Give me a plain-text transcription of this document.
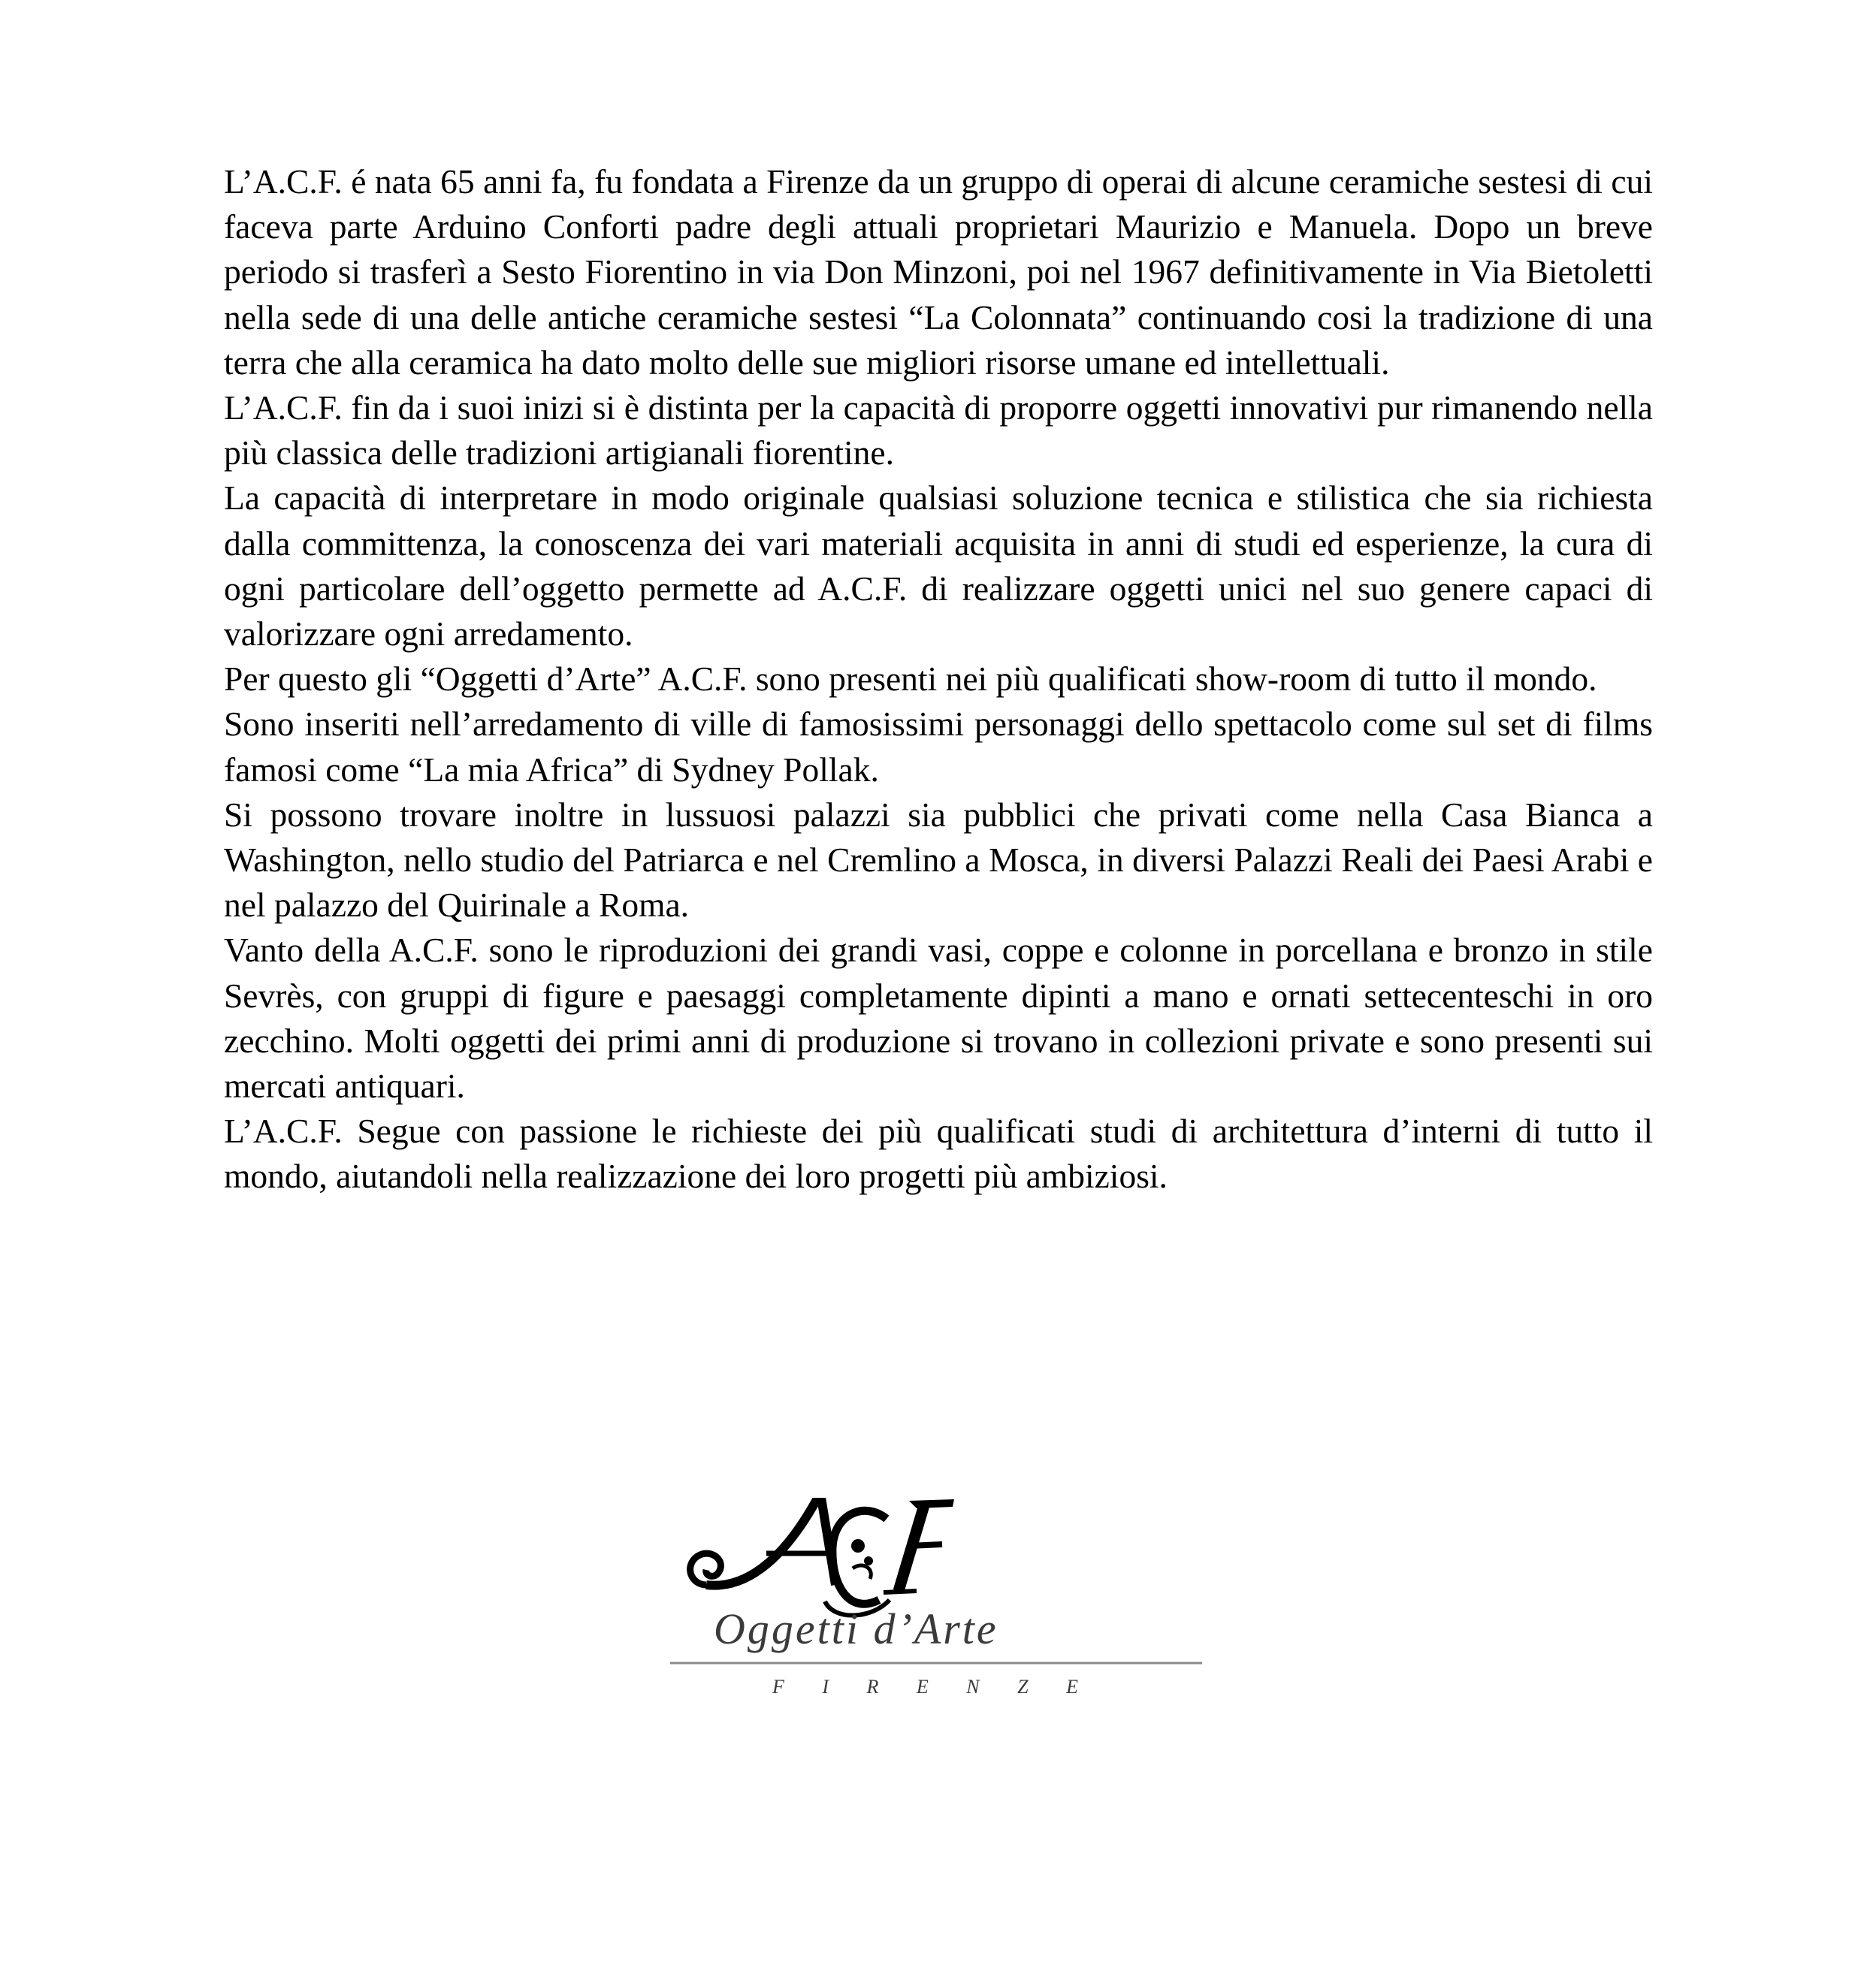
L’A.C.F. é nata 65 anni fa, fu fondata a Firenze da un gruppo di operai di alcune ceramiche sestesi di cui faceva parte Arduino Conforti padre degli attuali proprietari Maurizio e Manuela. Dopo un breve periodo si trasferì a Sesto Fiorentino in via Don Minzoni, poi nel 1967 definitivamente in Via Bietoletti nella sede di una delle antiche ceramiche sestesi “La Colonnata” continuando cosi la tradizione di una terra che alla ceramica ha dato molto delle sue migliori risorse umane ed intellettuali.

L’A.C.F. fin da i suoi inizi si è distinta per la capacità di proporre oggetti innovativi pur rimanendo nella più classica delle tradizioni artigianali fiorentine.

La capacità di interpretare in modo originale qualsiasi soluzione tecnica e stilistica che sia richiesta dalla committenza, la conoscenza dei vari materiali acquisita in anni di studi ed esperienze, la cura di ogni particolare dell’oggetto permette ad A.C.F. di realizzare oggetti unici nel suo genere capaci di valorizzare ogni arredamento.

Per questo gli “Oggetti d’Arte” A.C.F. sono presenti nei più qualificati show-room di tutto il mondo.

Sono inseriti nell’arredamento di ville di famosissimi personaggi dello spettacolo come sul set di films famosi come “La mia Africa” di Sydney Pollak.

Si possono trovare inoltre in lussuosi palazzi sia pubblici che privati come nella Casa Bianca a Washington, nello studio del Patriarca e nel Cremlino a Mosca, in diversi Palazzi Reali dei Paesi Arabi e nel palazzo del Quirinale a Roma.

Vanto della A.C.F. sono le riproduzioni dei grandi vasi, coppe e colonne in porcellana e bronzo in stile Sevrès, con gruppi di figure e paesaggi completamente dipinti a mano e ornati settecenteschi in oro zecchino. Molti oggetti dei primi anni di produzione si trovano in collezioni private e sono presenti sui mercati antiquari.

L’A.C.F. Segue con passione le richieste dei più qualificati studi di architettura d’interni di tutto il mondo, aiutandoli nella realizzazione dei loro progetti più ambiziosi.

Oggetti d’Arte
F I R E N Z E
